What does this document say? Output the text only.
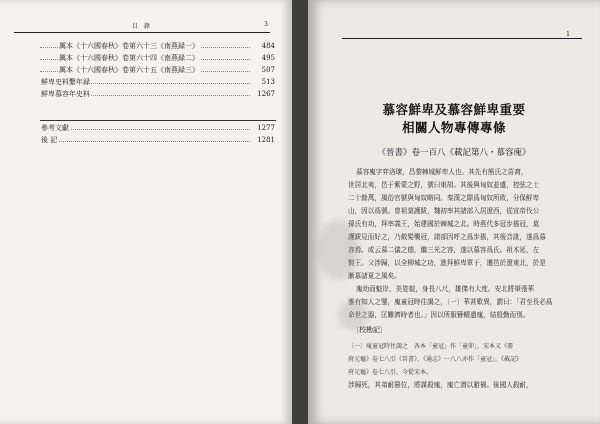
目 錄	3
厲本《十六國春秋》卷第六十三《南燕録一》	484
厲本《十六國春秋》卷第六十四《南燕録二》	495
厲本《十六國春秋》卷第六十五《南燕録三》	507
鮮卑史料繫年録	513
鮮卑慕容年史料	1267
參考文獻	1277
後 記	1281
1
慕容鮮卑及慕容鮮卑重要
相關人物專傳專條
《晉書》卷一百八《載記第八・慕容廆》
慕容廆字弈洛瓌，昌黎棘城鮮卑人也。其先有熊氏之苗裔，
世居北夷，邑于紫蒙之野，號曰東胡。其後與匈奴並盛，控弦之士
二十餘萬，風俗官號與匈奴略同。秦漢之際爲匈奴所敗，分保鮮卑
山，因以爲號。曾祖莫護跋，魏初率其諸部入居遼西，從宣帝伐公
孫氏有功，拜率義王，始建國於棘城之北。時燕代多冠步搖冠，莫
護跋見而好之，乃斂髮襲冠，諸部因呼之爲步搖，其後音訛，遂爲慕
容焉。或云慕二儀之德，繼三光之容，遂以慕容爲氏。祖木延，左
賢王。父涉歸，以全柳城之功，進拜鮮卑單于，遷邑於遼東北，於是
漸慕諸夏之風矣。
廆幼而魁岸，美姿貌，身長八尺，雄傑有大度。安北將軍張華
雅有知人之鑒，廆童冠時往謁之，〔一〕華甚歎異，謂曰：「君至長必爲
命世之器，匡難濟時者也。」因以所服簪幘遺廆，結殷勤而別。
〔校勘記〕
〔一〕廆童冠時往謁之　各本「童冠」作「童卯」，宋本又《冊
府元龜》卷七八引《晉書》、《通志》一八八亦作「童冠」。《載記》
府元龜》卷七八引，今從宋本。
涉歸死，其弟耐篡位，將謀殺廆，廆亡潛以避禍。後國人殺耐，
